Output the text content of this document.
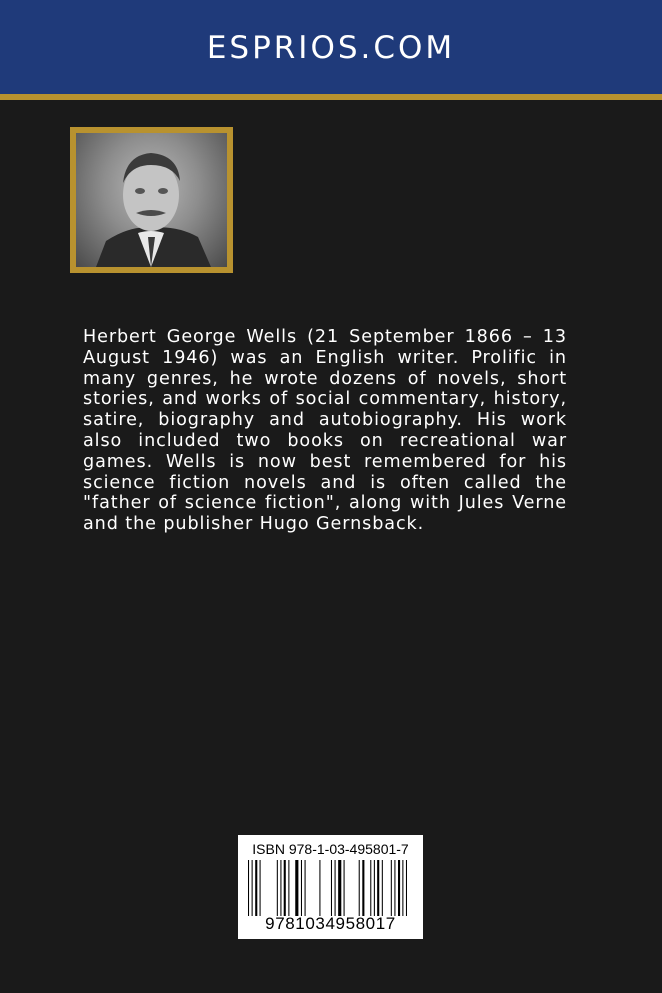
ESPRIOS.COM
Herbert George Wells (21 September 1866 – 13 August 1946) was an English writer. Prolific in many genres, he wrote dozens of novels, short stories, and works of social commentary, history, satire, biography and autobiography. His work also included two books on recreational war games. Wells is now best remembered for his science fiction novels and is often called the "father of science fiction", along with Jules Verne and the publisher Hugo Gernsback.
ISBN 978-1-03-495801-7
9781034958017
